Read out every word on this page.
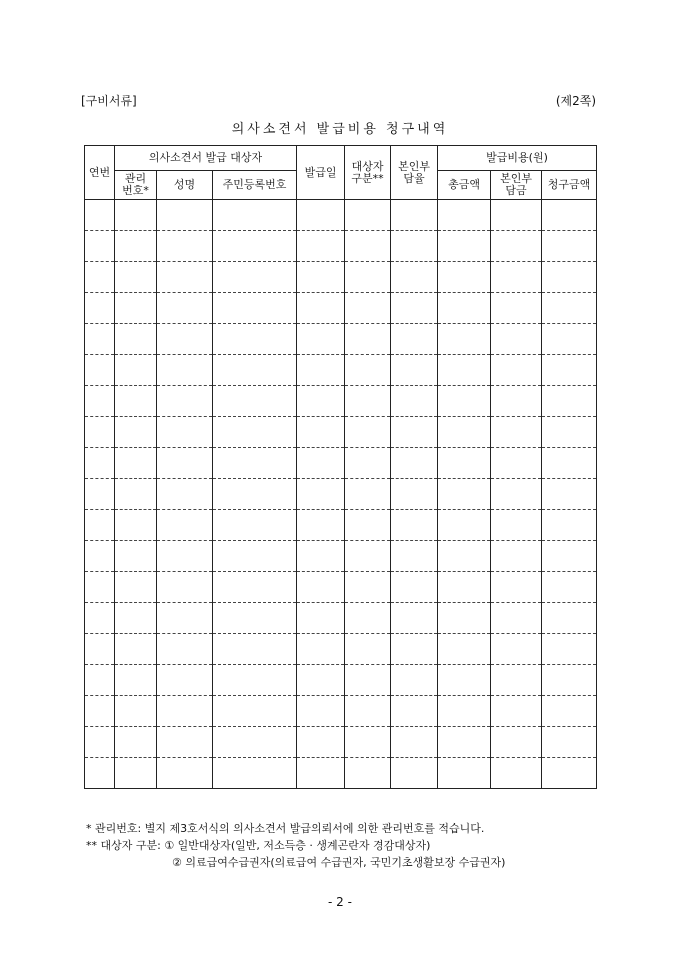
[구비서류]	(제2쪽)
의사소견서 발급비용 청구내역
연번	의사소견서 발급 대상자			발급일	대상자구분**	본인부담율	발급비용(원)		
	관리번호*	성명	주민등록번호				총금액	본인부담금	청구금액

* 관리번호: 별지 제3호서식의 의사소견서 발급의뢰서에 의한 관리번호를 적습니다.
** 대상자 구분: ① 일반대상자(일반, 저소득층 · 생계곤란자 경감대상자)
② 의료급여수급권자(의료급여 수급권자, 국민기초생활보장 수급권자)
- 2 -
